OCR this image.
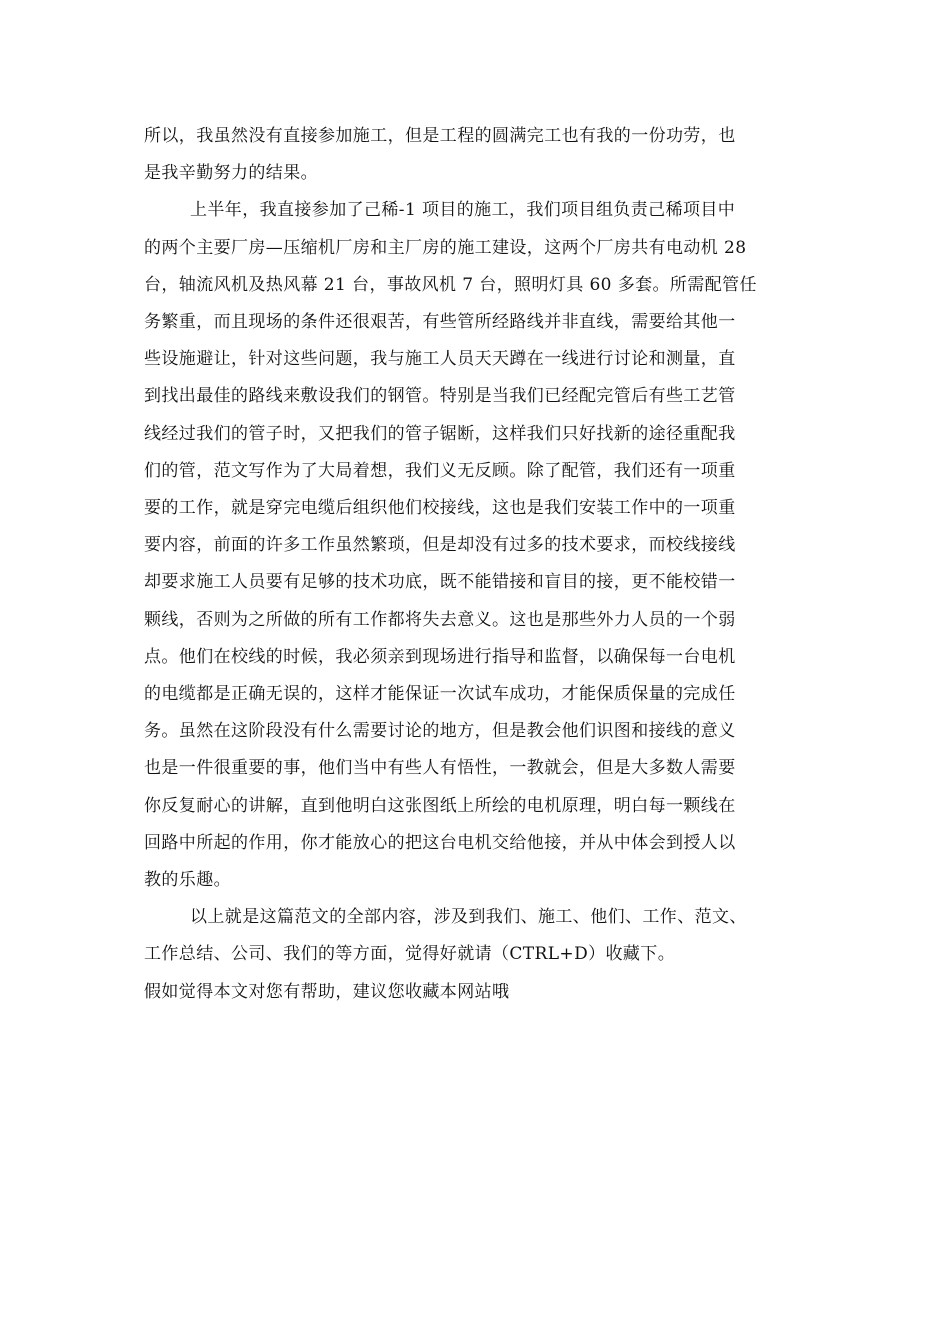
所以，我虽然没有直接参加施工，但是工程的圆满完工也有我的一份功劳，也
是我辛勤努力的结果。

上半年，我直接参加了己稀-1 项目的施工，我们项目组负责己稀项目中
的两个主要厂房—压缩机厂房和主厂房的施工建设，这两个厂房共有电动机 28
台，轴流风机及热风幕 21 台，事故风机 7 台，照明灯具 60 多套。所需配管任
务繁重，而且现场的条件还很艰苦，有些管所经路线并非直线，需要给其他一
些设施避让，针对这些问题，我与施工人员天天蹲在一线进行讨论和测量，直
到找出最佳的路线来敷设我们的钢管。特别是当我们已经配完管后有些工艺管
线经过我们的管子时，又把我们的管子锯断，这样我们只好找新的途径重配我
们的管，范文写作为了大局着想，我们义无反顾。除了配管，我们还有一项重
要的工作，就是穿完电缆后组织他们校接线，这也是我们安装工作中的一项重
要内容，前面的许多工作虽然繁琐，但是却没有过多的技术要求，而校线接线
却要求施工人员要有足够的技术功底，既不能错接和盲目的接，更不能校错一
颗线，否则为之所做的所有工作都将失去意义。这也是那些外力人员的一个弱
点。他们在校线的时候，我必须亲到现场进行指导和监督，以确保每一台电机
的电缆都是正确无误的，这样才能保证一次试车成功，才能保质保量的完成任
务。虽然在这阶段没有什么需要讨论的地方，但是教会他们识图和接线的意义
也是一件很重要的事，他们当中有些人有悟性，一教就会，但是大多数人需要
你反复耐心的讲解，直到他明白这张图纸上所绘的电机原理，明白每一颗线在
回路中所起的作用，你才能放心的把这台电机交给他接，并从中体会到授人以
教的乐趣。

以上就是这篇范文的全部内容，涉及到我们、施工、他们、工作、范文、
工作总结、公司、我们的等方面，觉得好就请（CTRL+D）收藏下。

假如觉得本文对您有帮助，建议您收藏本网站哦
